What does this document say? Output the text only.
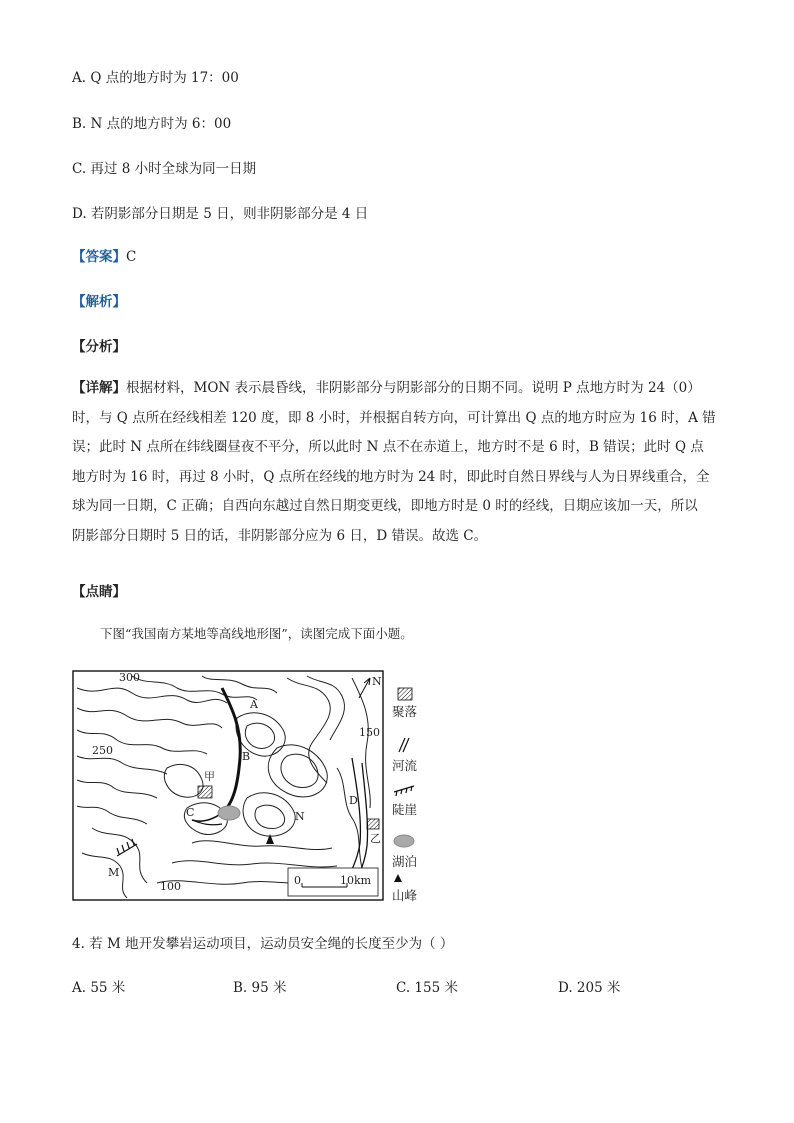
A. Q 点的地方时为 17：00
B. N 点的地方时为 6：00
C. 再过 8 小时全球为同一日期
D. 若阴影部分日期是 5 日，则非阴影部分是 4 日
【答案】C
【解析】
【分析】
【详解】根据材料，MON 表示晨昏线，非阴影部分与阴影部分的日期不同。说明 P 点地方时为 24（0）
时，与 Q 点所在经线相差 120 度，即 8 小时，并根据自转方向，可计算出 Q 点的地方时应为 16 时，A 错
误；此时 N 点所在纬线圈昼夜不平分，所以此时 N 点不在赤道上，地方时不是 6 时，B 错误；此时 Q 点
地方时为 16 时，再过 8 小时，Q 点所在经线的地方时为 24 时，即此时自然日界线与人为日界线重合，全
球为同一日期，C 正确；自西向东越过自然日期变更线，即地方时是 0 时的经线，日期应该加一天，所以
阴影部分日期时 5 日的话，非阴影部分应为 6 日，D 错误。故选 C。
【点睛】
下图“我国南方某地等高线地形图”，读图完成下面小题。
300
250
150
100
A
B
C
D
N
M
甲
乙
N
0	10km
聚落
河流
陡崖
湖泊
山峰
4. 若 M 地开发攀岩运动项目，运动员安全绳的长度至少为（ ）
A. 55 米	B. 95 米	C. 155 米	D. 205 米
